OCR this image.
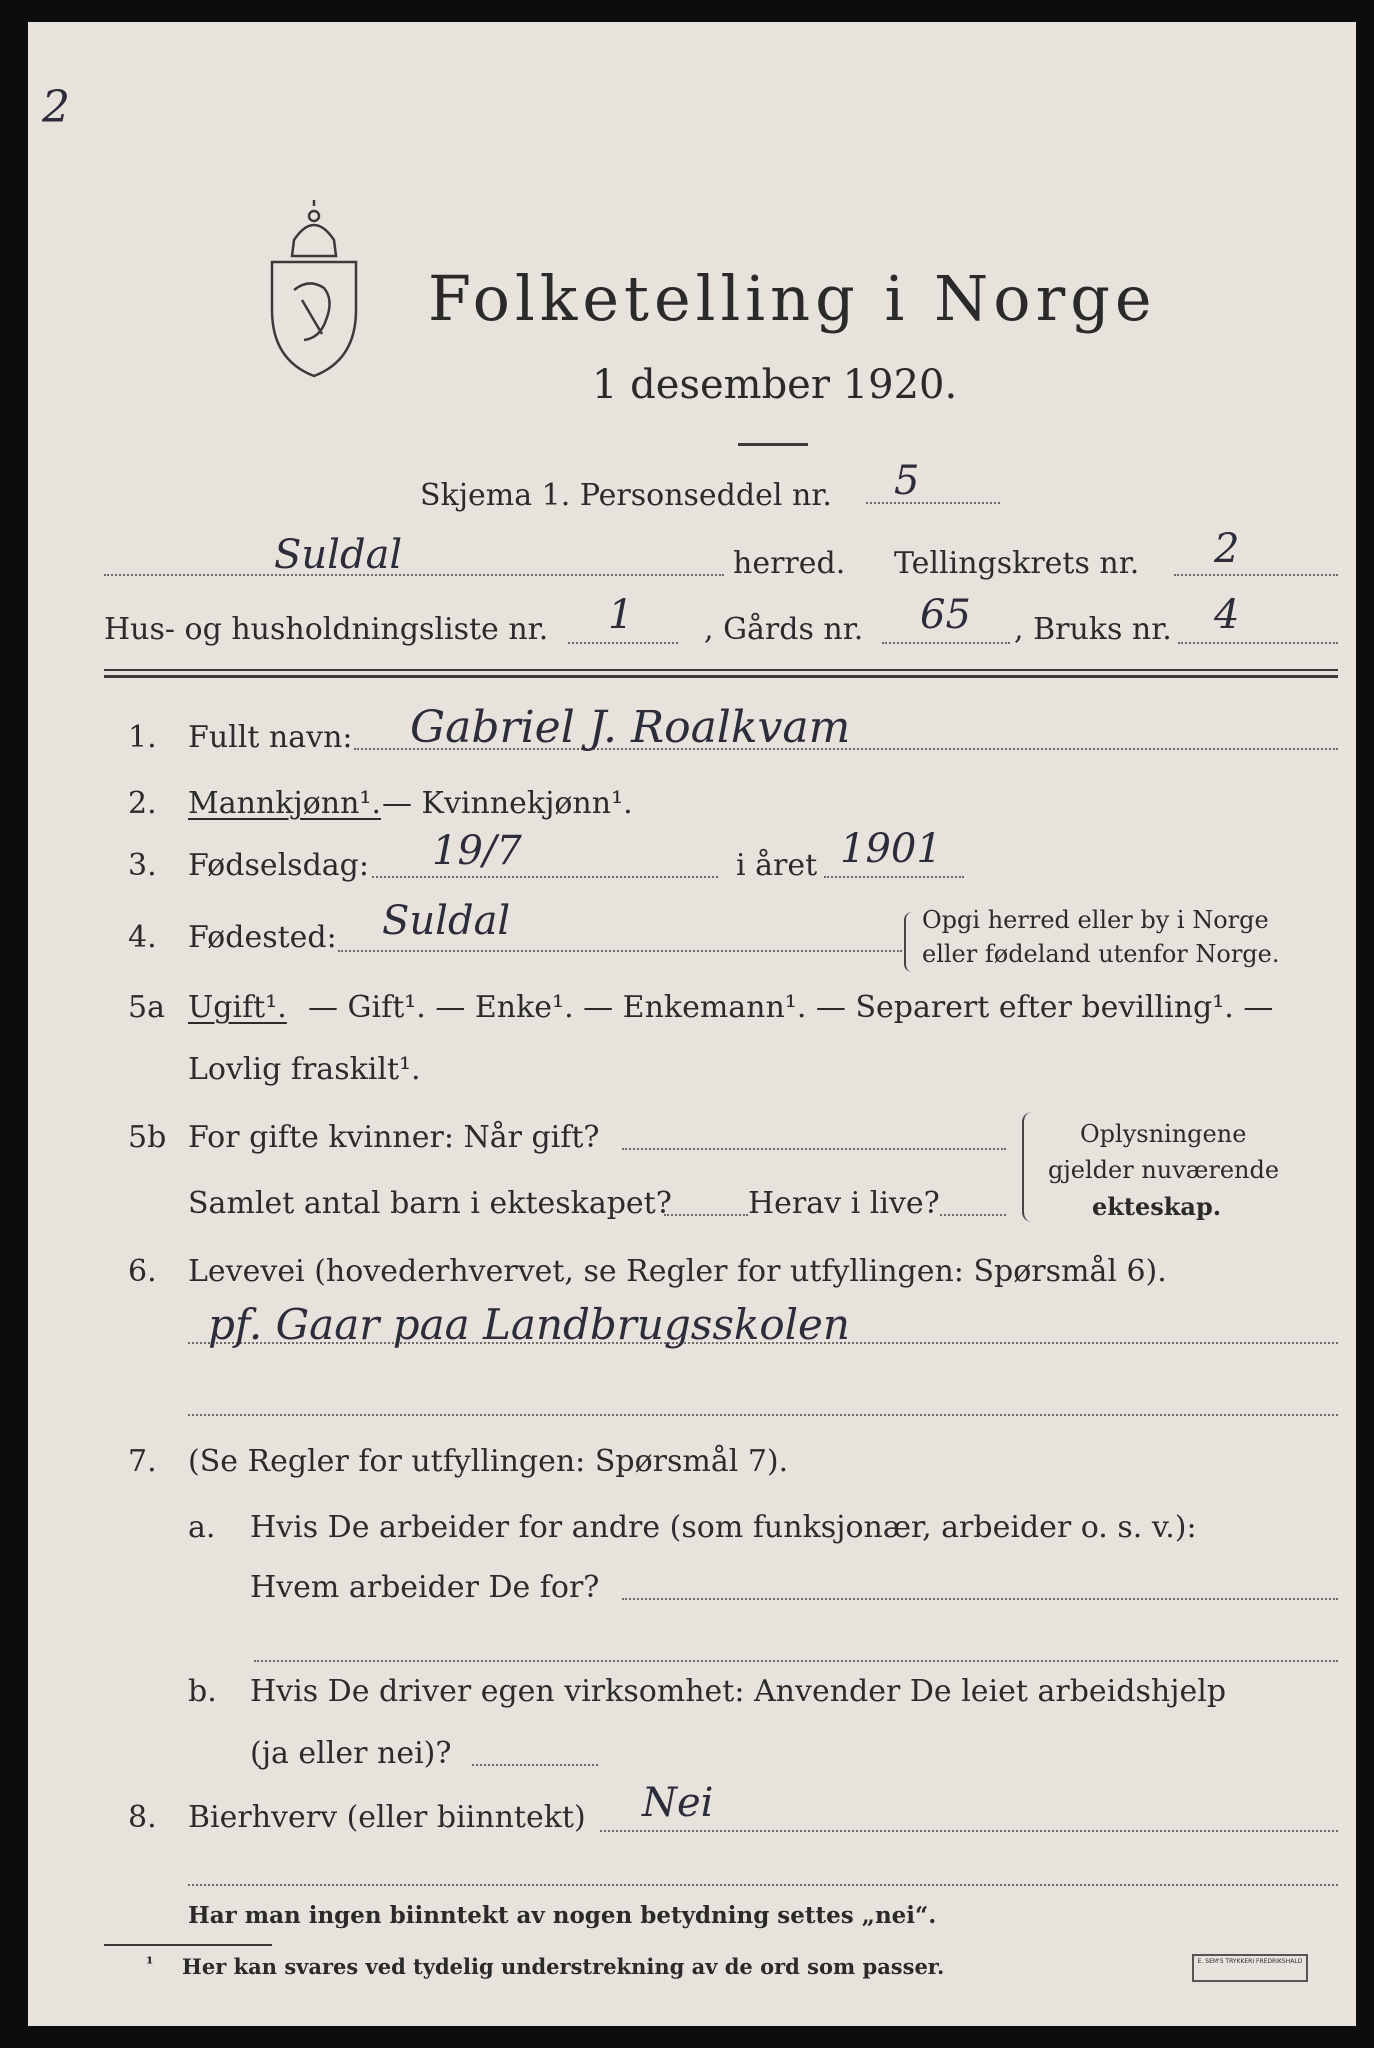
2
Folketelling i Norge
1 desember 1920.
Skjema 1. Personseddel nr. 5
Suldal	herred. Tellingskrets nr. 2
Hus- og husholdningsliste nr. 1 , Gårds nr. 65 , Bruks nr. 4
1. Fullt navn: Gabriel J. Roalkvam
2. Mannkjønn¹. — Kvinnekjønn¹.
3. Fødselsdag: 19/7	i året 1901
4. Fødested: Suldal	Opgi herred eller by i Norge
eller fødeland utenfor Norge.
5a Ugift¹. — Gift¹. — Enke¹. — Enkemann¹. — Separert efter bevilling¹. —
Lovlig fraskilt¹.
5b For gifte kvinner: Når gift?
Samlet antal barn i ekteskapet?	Herav i live?
Oplysningene
gjelder nuværende
ekteskap.
6. Levevei (hovederhvervet, se Regler for utfyllingen: Spørsmål 6).
pf. Gaar paa Landbrugsskolen
7. (Se Regler for utfyllingen: Spørsmål 7).
a. Hvis De arbeider for andre (som funksjonær, arbeider o. s. v.):
Hvem arbeider De for?
b. Hvis De driver egen virksomhet: Anvender De leiet arbeidshjelp
(ja eller nei)?
8. Bierhverv (eller biinntekt) Nei
Har man ingen biinntekt av nogen betydning settes „nei“.
¹ Her kan svares ved tydelig understrekning av de ord som passer.	E. SEM'S TRYKKERI FREDRIKSHALD
